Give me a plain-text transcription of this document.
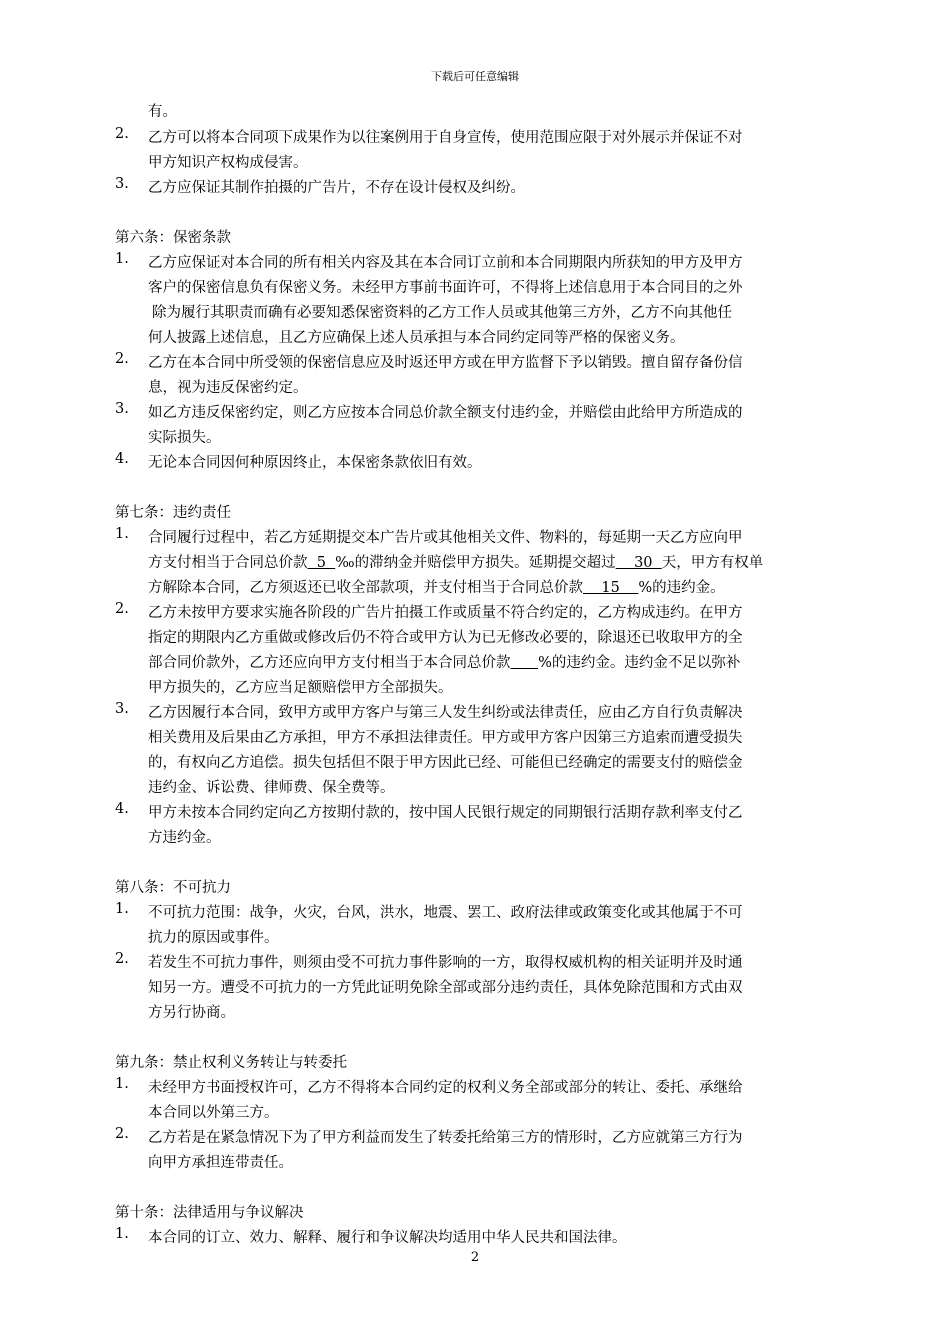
下载后可任意编辑
有。
2. 乙方可以将本合同项下成果作为以往案例用于自身宣传，使用范围应限于对外展示并保证不对
甲方知识产权构成侵害。
3. 乙方应保证其制作拍摄的广告片，不存在设计侵权及纠纷。
第六条：保密条款
1. 乙方应保证对本合同的所有相关内容及其在本合同订立前和本合同期限内所获知的甲方及甲方
客户的保密信息负有保密义务。未经甲方事前书面许可，不得将上述信息用于本合同目的之外
除为履行其职责而确有必要知悉保密资料的乙方工作人员或其他第三方外，乙方不向其他任
何人披露上述信息，且乙方应确保上述人员承担与本合同约定同等严格的保密义务。
2. 乙方在本合同中所受领的保密信息应及时返还甲方或在甲方监督下予以销毁。擅自留存备份信
息，视为违反保密约定。
3. 如乙方违反保密约定，则乙方应按本合同总价款全额支付违约金，并赔偿由此给甲方所造成的
实际损失。
4. 无论本合同因何种原因终止，本保密条款依旧有效。
第七条：违约责任
1. 合同履行过程中，若乙方延期提交本广告片或其他相关文件、物料的，每延期一天乙方应向甲
方支付相当于合同总价款  5  ‰的滞纳金并赔偿甲方损失。延期提交超过    30  天，甲方有权单
方解除本合同，乙方须返还已收全部款项，并支付相当于合同总价款    15    %的违约金。
2. 乙方未按甲方要求实施各阶段的广告片拍摄工作或质量不符合约定的，乙方构成违约。在甲方
指定的期限内乙方重做或修改后仍不符合或甲方认为已无修改必要的，除退还已收取甲方的全
部合同价款外，乙方还应向甲方支付相当于本合同总价款 %的违约金。违约金不足以弥补
甲方损失的，乙方应当足额赔偿甲方全部损失。
3. 乙方因履行本合同，致甲方或甲方客户与第三人发生纠纷或法律责任，应由乙方自行负责解决
相关费用及后果由乙方承担，甲方不承担法律责任。甲方或甲方客户因第三方追索而遭受损失
的，有权向乙方追偿。损失包括但不限于甲方因此已经、可能但已经确定的需要支付的赔偿金
违约金、诉讼费、律师费、保全费等。
4. 甲方未按本合同约定向乙方按期付款的，按中国人民银行规定的同期银行活期存款利率支付乙
方违约金。
第八条：不可抗力
1. 不可抗力范围：战争，火灾，台风，洪水，地震、罢工、政府法律或政策变化或其他属于不可
抗力的原因或事件。
2. 若发生不可抗力事件，则须由受不可抗力事件影响的一方，取得权威机构的相关证明并及时通
知另一方。遭受不可抗力的一方凭此证明免除全部或部分违约责任，具体免除范围和方式由双
方另行协商。
第九条：禁止权利义务转让与转委托
1. 未经甲方书面授权许可，乙方不得将本合同约定的权利义务全部或部分的转让、委托、承继给
本合同以外第三方。
2. 乙方若是在紧急情况下为了甲方利益而发生了转委托给第三方的情形时，乙方应就第三方行为
向甲方承担连带责任。
第十条：法律适用与争议解决
1. 本合同的订立、效力、解释、履行和争议解决均适用中华人民共和国法律。
2
